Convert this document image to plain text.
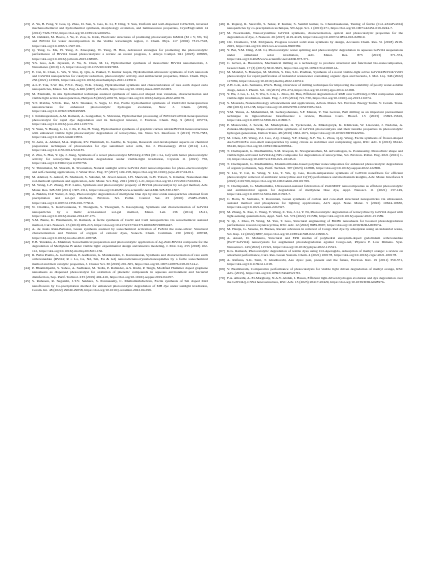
[23] Z. Yu, B. Feng, Y. Gou, Q. Zhao, D. Sun, S. Gao, K. Li, F. Ding, T. Sun, Uniform and well-dispersed CdTe/ZnS, inverted mechanochemical and hydrothermal synthesis, morphology evolution, and luminescence properties, CrystEngComm 14 (2012) 7326-7332, https://doi.org/10.1039/c2ce26025a.
[24] M. Oshikiri, M. Boero, J. Ye, Z. Zou, G. Kido, Electronic structures of promising photocatalysts InMO4 (M = V, Nb, Ta) and BiVO4 for water decomposition in the visible wavelength region, J. Chem. Phys. 117 (2002) 7313-7318, https://doi.org/10.1063/1.1507101.
[25] Q. Yang, G. Ma, H. Yang, Z. Xiaoqiang, W. Yang, H. Hou, Advanced strategies for promoting the photocatalytic performance of BiVO4 based photocatalysts: a review on recent progress, J. Alloys Compd. 941 (2023) 168995, https://doi.org/10.1016/j.jallcom.2023.168995.
[26] Y.S. Guo, A.R. Jayaram, Z. Yu, X. Chen, M. Li, Hydrothermal synthesis of monoclinic BiVO4 nanomaterials, J. Nanomater. (2010) 1-5, https://doi.org/10.1155/2010/497963.
[27] E. Cui, R. Chen, L. Wu, Y. Shu, Q. Qin, A. Pakkel, V. Kumar Gupta, Hydrothermal-ultrasonic synthesis of CuS nanorods and CuWO4 nanoparticles for catalytic reduction, photocatalytic activity, and antibacterial properties, Mater. Chem. Phys. 256 (2021) 123919, https://doi.org/10.1016/j.matchemphys.2021.123919.
[28] A.L.Y. Tok, S.W. Du, F.Y.C. Boey, W.K. Chong, Hydrothermal synthesis and characterization of rare earth doped ceria nanoparticles, Mater. Sci. Eng. A 466 (2007) 223-229, https://doi.org/10.1016/j.msea.2007.02.063.
[29] M. Elamathi, In situ hydrothermal technique assisted synthesis of nano-rod shaped iron vanadate, characterization and visible light active heterojunction, Heliyon 8 (2022) e09176, https://doi.org/10.1016/j.heliyon.2022.e09176.
[30] Y.T. Prabhu, V.N.K. Rao, M.V. Shankar, S. Sujja, U. Pal, Facile hydrothermal synthesis of ZnO/CdO heterojunction nanostructures for enhanced photocatalytic hydrogen evolution, New J. Chem. (2019), https://doi.org/10.1039/C9NJ04956H.
[31] J. Krishnaprakash, A.M. Ramesh, A. Gangadhar, S. Shivanna, Hydrothermal processing of BiVO4/CuWO4 heterojunction photocatalyst for rapid dye degradation and its biological interest, J. Environ. Chem. Eng. 9 (2021) 105774, https://doi.org/10.1016/j.jece.2021.105774.
[32] Y. Yuan, Y. Huang, L. Li, J. Pu, P. Xu, H. Yang, Hydrothermal synthesis of graphitic carbon nitride/BiVO4 heterostructures with enhanced visible light photocatalytic degradation of tetracycline, Int. Nano Sci. Interfaces 3 (2013) 7579-7583, https://doi.org/10.1021/am401387d.
[33] N. Aziz, A. Ahmed, M.A. Rajhani, P.V. Hammadi, K. Jaedlle, K. Sopian, Research and development aspects on chemical preparation techniques of photoanodes for dye sensitized solar cells, Int. J. Photoenergy 2014 (2014) 1-21, https://doi.org/10.1155/2014/524135.
[34] Z. Zhu, S. Han, Y. Qu, J. Jiang, Synthesis of a novel photocatalyst MVO4/g-C3N4 (M = La, Gd) with better photocatalytic activity for tetracycline hydrochloride degradation under visible-light irradiation, Crystals 11 (2021) 756, https://doi.org/10.3390/cryst11070756.
[35] V. Thirumalai, M. Sharath, R. Sivaraman, Natural sunlight active GdVO4 ZnO nanocomposites for photo-electrocatalytic and self-cleaning applications, J. Water Proc. Eng. 37 (2017) 149-158, https://doi.org/10.1016/j.jwpe.2017.04.011.
[36] M. Ahmad, S. Ashraf, B. Shahzadi, S. Sabahat, M. Javed Ansari, I.H. Sherwali, G.H. Yobert, S. Kinahar, Nanosheet-like rod-methodd synthesis and application, Adv. Mater. Sci. Eng. 2021 (2021) 1-21, https://doi.org/10.1155/2021/5102014.
[37] M. Wang, L.F. Zhang, H.Y. Lamo, Synthesis and photocatalytic property of BiVO4 photocatalyst by sol-gel method, Adv. Mater. Res. 328-330 (2011) 1307-1311, https://doi.org/10.4028/www.scientific.net/AMR.328-330.1307.
[38] A. Bekhta, D.P. Yadav, Z. Rey, Photocatalytic degradation of methylene blue dye by zinc oxide nanoparticles obtained from precipitation and sol-gel methods, Environ. Sci. Pollut. Control Ser. 23 (2016) 25485-25493, https://doi.org/10.1007/s11356-016-7750-6.
[39] N. Chamba, S. Koirivarakana, T. Thongtem, S. Thongtem, S. Kaowphong, Synthesis and characterization of GdVO4 nanoparticles by a malic acid-assisted sol-gel method, Mater. Lett. 136 (2014) 18-21, https://doi.org/10.1016/j.matlet.2014.07.175.
[40] S.M. Bente, K. Hanmeruth, R. Ramesh, A facile synthesis of Cu2O and CuO nanoparticles via sonochemical assisted method, Curr. Nanosci. 15 (2019) 209-213, https://doi.org/10.2174/1573413714666180530084447.
[41] A. de Jesús Ruiz-Baltazar, Green synthesis assisted by sonochemical activation of Fe3O4 the nano-silver: Structural characterization and Wuluve of oxygen of cationic dyes, Sonoch. Chem. Commun. 130 (2021) 108748, https://doi.org/10.1016/j.inoche.2021.108748.
[42] E.B. Yendeka, A. Mukhtad, Sonochemical preparation and photocatalytic application of Ag-ZnO-BiVO4 composite for the degradation of Methylene B under visible light: experimental design and kinetics modeling, J. Mol. Liq. 255 (2018) 102-112, https://doi.org/10.1016/j.molliq.2018.01.156.
[43] R. Babu Prema, A. Gobinathan, P. Aadhavan, G. Manikandan, C. Karunakaran, Synthesis and characterization of rare earth orthovanadate (RVO4; R = La, Ce, Nd, Sm, Eu & Gd) nanorods/nanocrystals/nanospindles by a facile sonochemical method and their catalytic properties, J. Cluster Sci. 30 (2019) 291-305, https://doi.org/10.1007/s10876-018-01514-z.
[44] P. Bhamidipathi, S. Sahoo, A. Sudhakar, M. Tedla, P. Rabinder, A.S. Rishi, P. Singh, Modified Hummer doped graphene nanosheets as dispersed photocatalyst for oxidation of phenolic compounds in aqueous environment and bacterial disinfection, Sep. Purif. Technol. 233 (2019) 404-416, https://doi.org/10.1016/j.seppur.2019.04.057.
[45] S. Rubesen, R. Suganthi, J.T.V. Sekhara, S. Ponnusamy, C. Muthamizhchelvan, Facile synthesis of Sm doped ZnO nanoflowers by Co-precipitation method for enhanced photocatalytic degradation of MB dye under sunlight irradiation, Ceram. Int. 48 (2022) 29049-29058, https://doi.org/10.1016/j.ceramint.2022.04.299.
[46] R. Rajaraj, R. Saravifit, S. Sekar, P. Kumar, S. Senthil kumar, G. Chandrasekaran, Tuning of ferrite (Co1-xZnxFe2O4) nanoparticles by co-precipitation technique, SN Appl. Sci. 1 (2019) 271, https://doi.org/10.1007/s42452-019-0244-7.
[47] M. Noorizadeh, Nanocrystalline GdVO4 synthesis, characterization, optical and photocatalytic properties for the degradation of dye, J. Nanostr. 26 (2017) 4119-4126, https://doi.org/10.1007/s10854-016-6289-9.
[48] J.R. Chamorro, T.M. McQueen, Progress toward solid state synthesis by design, Accounts Chem. Res. 51 (2018) 2918-2925, https://doi.org/10.1021/acs.accounts.8b00382.
[49] Y. Bai, Y.M. Ding, Z.M. Li, Photocatalytic water splitting and photocatalytic degradation in aqueous GdVO4 suspensions under simulated solar irradiation, Adv. Mater. Res. 873 (2013) 371-374, https://doi.org/10.4028/www.scientific.net/AMR.873.371.
[50] C. Grivet, A. Bucernicu, Mechanical milling as a technology to produce structural and functional bio-nanocomposites, Green Chem. 17 (3) (2015) 3610-3625, https://doi.org/10.1039/C5GC00451A.
[51] M. Mandal, S. Banerjee, M. Mallick, S. Das, S.K. Pradhan, Synthesis of a novel visible-light active GdVO4/BiVO4/V2O5 photocatalyst for rapid purification of industrial wastewater containing organic dyes and bacteria, J. Mol. Liq. 346 (2022) 117084, https://doi.org/10.1016/j.molliq.2022.120512.
[52] Z.H. Loh, A.K. Samanta, P.W.S. Heng, Overview of milling techniques for improving the solubility of poorly water-soluble drugs, Asian J. Pharm. Sci. 10 (2015) 255-274, https://doi.org/10.1016/j.ajps.2014.12.006.
[53] Y. Hu, J. Gu, L. Li, Y. Wu, S. Liu, L. Zhao, M. Hua, Efficient degradation of RhB over GdVO4/g-C3N4 composites under visible-light irradiation, Chem. Eng. J. 235 (2014) 721-730, https://doi.org/10.1016/j.cej.2013.10.074.
[54] S. Mourada, Nanotechnology advancements and applications, Advan. Mater. Sci. Environ. Energy Techn. V. Ceram. Trans. 260 (2016) 123-138, https://doi.org/10.1002/9781119323303.ch12.
[55] Y.M. Yunus, A. Muhammad, M. Gebreyohannes, S.F. Manan, Y. Van Gerven, Ball milling as an important pretreatment technique in lignocellulose biorefineries: a review, Biomass Conv. Bioref. 13 (2023) 15693-15616, https://doi.org/10.1007/s13399-021-01800-7.
[56] P. Mazowicki, J. Sowik, M. Miedzyńska, O. Tyckowski, A. Mikołajczyk, K. Klimczak, W. Lisowski, J. Nadolna, A. Zaleska-Medynska, Shape-controllable synthesis of GdVO4 photocatalysts and their tunable properties in photocatalytic hydrogen generation, Dalton Trans. 48 (2019) 1662-1671, https://doi.org/10.1039/C8DT04225K.
[57] M. Chen, J.H. Wang, Z.J. Luo, Z.Q. Cheng, Y.F. Zhang, X.F. Yu, L. Zhou, Q.Q. Wang, Facile synthesis of flower-shaped Au/GdVO4:Eu core-shell nanoparticles by using citrate as stabilizer and complexing agent, RSC Adv. 6 (2016) 96142-96146, https://doi.org/10.1039/C6RA20058A.
[58] T. Chellapandi, G. Madhumitha, S.M. Roopan, R. Sivagurunathan, M. Arivazhagan, G. Ponnusamy, Monoclinic shape and visible light-activated GdVO4/Ag NPs composite for degradation of tetracycline, Sci. Environ. Pollut. Eng. 2021 (2021) 1-10, https://doi.org/10.1007/s11356-021-16145-0.
[59] T. Chellapandi, G. Madhumitha, Montmorillonite-based polymer nanocomposites for enhanced photocatalytic degradation of organic pollutants, Sep. Purif. Technol. 307 (2023) 122806, https://doi.org/10.1016/j.seppur.2022.122806.
[60] Y. Liu, Y. Cai, K. Wang, Y. Liu, T. Wu, Q. Gao, Room-temperature synthesis of GdVO4 nanofibers for efficient photocatalytic removal of antibiotic tetracycline and Cr(VI) performance and mechanism insights, Adv. Mater. Interfaces 9 (2022) 2101769, https://doi.org/10.1002/admi.202101769.
[61] T. Chellapandi, G. Madhumitha, Ultrasound-assisted fabrication of ZnO/MMT nanocomposites as efficient photocatalytic and antimicrobial agents for degradation of methylene blue dye, Appl. Nanosci. 11 (2021) 137-149, https://doi.org/10.1007/s13204-020-01593-7.
[62] C. Botta, N. Samanta, T. Roventani, Green synthesis of carbon and core-shell structured nanoparticles via ultrasound-assisted method and phosphorus for lighting applications, ACS Appl. Nano Mater. 5 (2022) 10624-10630, https://doi.org/10.1021/acsanm.2c02327.
[63] M. Zhang, X. Xue, C. Wang, Y. Wang, Z. Tan, J. Li, Y. Ni, Photocatalytic degradation of tetracycline by GdVO4 doped with light-sensing quantum dots, Appl. Surf. Sci. 574 (2022) 151589, https://doi.org/10.1016/j.apsusc.2021.151589.
[64] Y. Qi, J. Zhao, H. Wang, M. Yan, T. Guo, Structural engineering of BiOBr nanosheets for boosted photodegradation performance toward oxytetracycline, RSC Adv. 12 (2022) 8989-8997, https://doi.org/10.1039/D2RA00397A.
[65] M. Hasija, G. Saxena, D. Barnes, Recent advances in removal of Congo Red dye by adsorption using an industrial waste, Sci. Rep. 12 (2022) 6887, https://doi.org/10.1038/s41598-022-10999-5.
[66] A. Ansari, D. Mohanta, Structural and EPR studies of polyhedral europium-doped gadolinium orthovanadate (Eu3+:GdVO4) nanocrystals for augmented photodegradation against Congo-red, Physica E Low Dimens. Syst. Nanostruct. 143 (2022) 115321, https://doi.org/10.1016/j.physe.2022.115321.
[67] K.G. Ramesh, Photocatalytic degradation of textile dyes using CO-Aperagida, Adsorption of methyl orange: a review on adsorbent performance, Curr. Res. Green Sustain. Chem. 4 (2021) 100178, https://doi.org/10.1016/j.crgsc.2021.100178.
[68] A. Rafiana, S.K. Sinti, T. Ghaditorabi, Azo dyes: past, present and the future, Environ. Rev. 19 (2011) 350-371, https://doi.org/10.1139/a11-018.
[69] V. Ekambaram, Comparative performance of photocatalysts for visible light driven degradation of methyl orange, RSC Adv. (2015), https://doi.org/10.1039/C5RA05217D.
[70] F.A. Alharthi, A. El-Marghany, N.A.Y. Abduh, I. Hasan, Efficient light-driven hydrogen evolution and dye degradation over the GdVO4/g-C3N4 heterostructure, RSC Adv. 13 (2023) 20417-20429, https://doi.org/10.1039/D3RA02897G.
